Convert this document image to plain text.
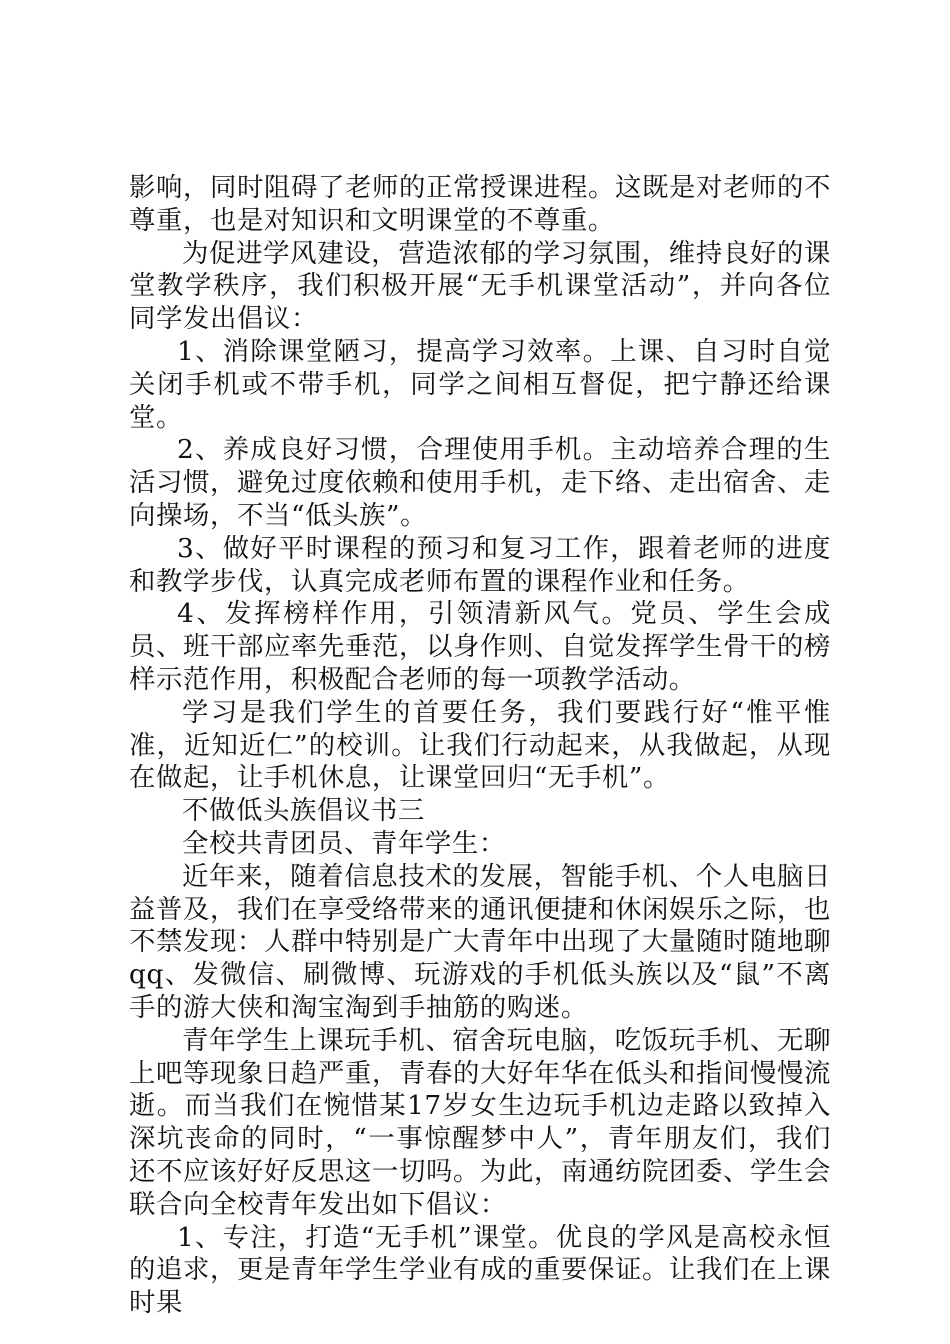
影响，同时阻碍了老师的正常授课进程。这既是对老师的不尊重，也是对知识和文明课堂的不尊重。

为促进学风建设，营造浓郁的学习氛围，维持良好的课堂教学秩序，我们积极开展“无手机课堂活动”，并向各位同学发出倡议：

1、消除课堂陋习，提高学习效率。上课、自习时自觉关闭手机或不带手机，同学之间相互督促，把宁静还给课堂。

2、养成良好习惯，合理使用手机。主动培养合理的生活习惯，避免过度依赖和使用手机，走下络、走出宿舍、走向操场，不当“低头族”。

3、做好平时课程的预习和复习工作，跟着老师的进度和教学步伐，认真完成老师布置的课程作业和任务。

4、发挥榜样作用，引领清新风气。党员、学生会成员、班干部应率先垂范，以身作则、自觉发挥学生骨干的榜样示范作用，积极配合老师的每一项教学活动。

学习是我们学生的首要任务，我们要践行好“惟平惟准，近知近仁”的校训。让我们行动起来，从我做起，从现在做起，让手机休息，让课堂回归“无手机”。

不做低头族倡议书三

全校共青团员、青年学生：

近年来，随着信息技术的发展，智能手机、个人电脑日益普及，我们在享受络带来的通讯便捷和休闲娱乐之际，也不禁发现：人群中特别是广大青年中出现了大量随时随地聊qq、发微信、刷微博、玩游戏的手机低头族以及“鼠”不离手的游大侠和淘宝淘到手抽筋的购迷。

青年学生上课玩手机、宿舍玩电脑，吃饭玩手机、无聊上吧等现象日趋严重，青春的大好年华在低头和指间慢慢流逝。而当我们在惋惜某17岁女生边玩手机边走路以致掉入深坑丧命的同时，“一事惊醒梦中人”，青年朋友们，我们还不应该好好反思这一切吗。为此，南通纺院团委、学生会联合向全校青年发出如下倡议：

1、专注，打造“无手机”课堂。优良的学风是高校永恒的追求，更是青年学生学业有成的重要保证。让我们在上课时果
